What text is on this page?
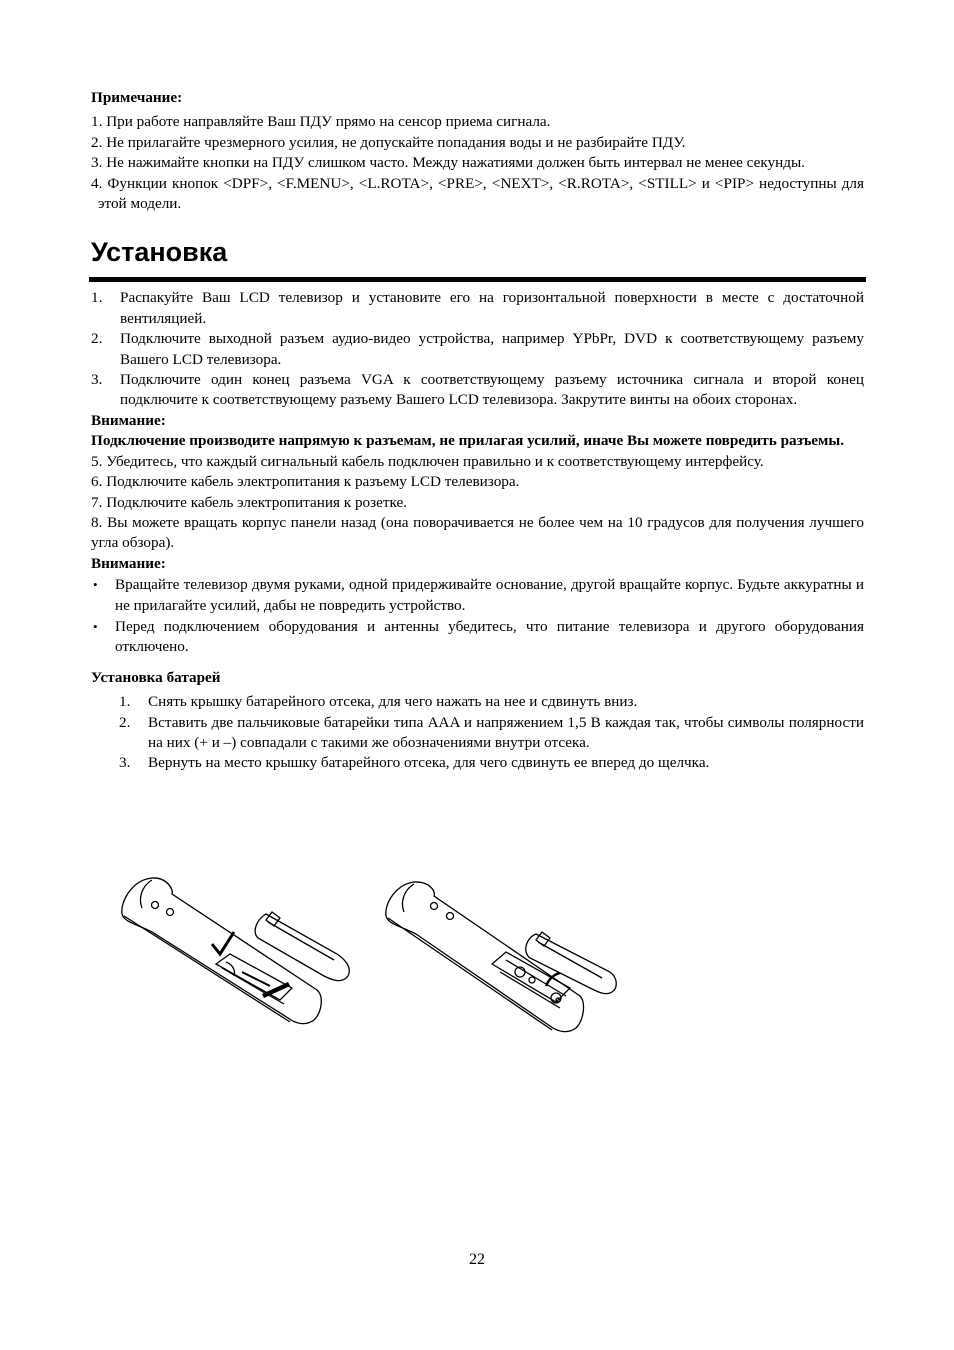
Примечание:
1. При работе направляйте Ваш ПДУ прямо на сенсор приема сигнала.
2. Не прилагайте чрезмерного усилия, не допускайте попадания воды и не разбирайте ПДУ.
3. Не нажимайте кнопки на ПДУ слишком часто. Между нажатиями должен быть интервал не менее секунды.
4. Функции кнопок <DPF>, <F.MENU>, <L.ROTA>, <PRE>, <NEXT>, <R.ROTA>, <STILL> и <PIP> недоступны для этой модели.
Установка
1.	Распакуйте Ваш LCD телевизор и установите его на горизонтальной поверхности в месте с достаточной вентиляцией.
2.	Подключите выходной разъем аудио-видео устройства, например YPbPr, DVD к соответствующему разъему Вашего LCD телевизора.
3.	Подключите один конец разъема VGA к соответствующему разъему источника сигнала и второй конец подключите к соответствующему разъему Вашего LCD телевизора. Закрутите винты на обоих сторонах.
Внимание:
Подключение производите напрямую к разъемам, не прилагая усилий, иначе Вы можете повредить разъемы.
5. Убедитесь, что каждый сигнальный кабель подключен правильно и к соответствующему интерфейсу.
6. Подключите кабель электропитания к разъему LCD телевизора.
7. Подключите кабель электропитания к розетке.
8. Вы можете вращать корпус панели назад (она поворачивается не более чем на 10 градусов для получения лучшего угла обзора).
Внимание:
•	Вращайте телевизор двумя руками, одной придерживайте основание, другой вращайте корпус. Будьте аккуратны и не прилагайте усилий, дабы не повредить устройство.
•	Перед подключением оборудования и антенны убедитесь, что питание телевизора и другого оборудования отключено.
Установка батарей
1.	Снять крышку батарейного отсека, для чего нажать на нее и сдвинуть вниз.
2.	Вставить две пальчиковые батарейки типа AAA и напряжением 1,5 В каждая так, чтобы символы полярности на них (+ и –) совпадали с такими же обозначениями внутри отсека.
3.	Вернуть на место крышку батарейного отсека, для чего сдвинуть ее вперед до щелчка.
22
